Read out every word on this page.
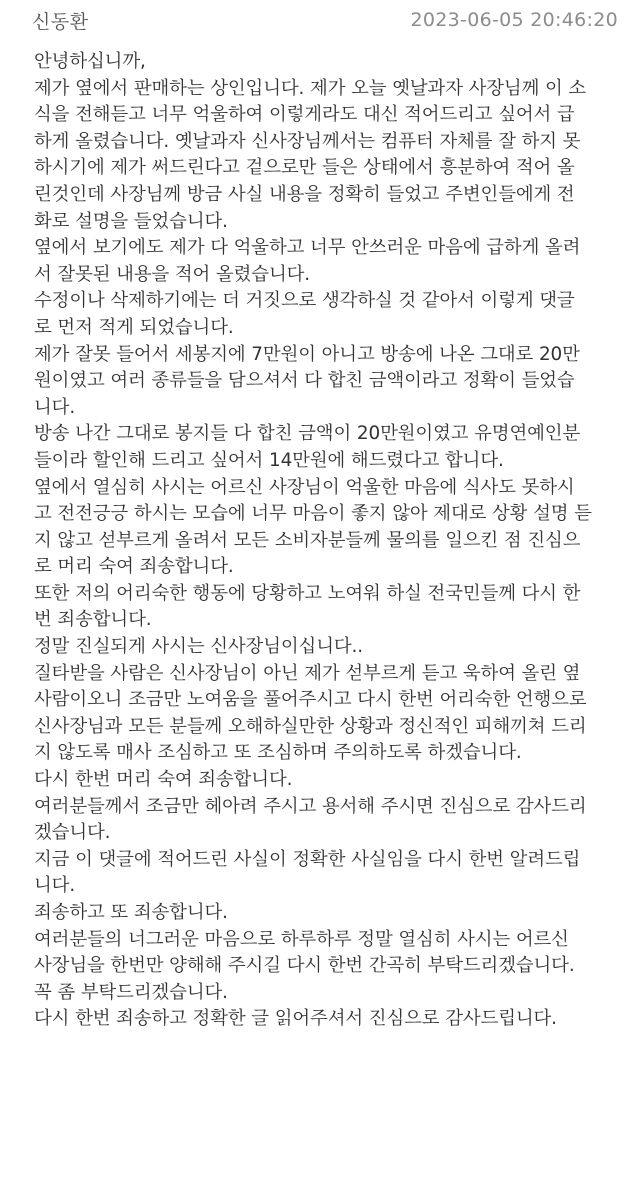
신동환	2023-06-05 20:46:20
안녕하십니까,
제가 옆에서 판매하는 상인입니다. 제가 오늘 옛날과자 사장님께 이 소
식을 전해듣고 너무 억울하여 이렇게라도 대신 적어드리고 싶어서 급
하게 올렸습니다. 옛날과자 신사장님께서는 컴퓨터 자체를 잘 하지 못
하시기에 제가 써드린다고 겉으로만 들은 상태에서 흥분하여 적어 올
린것인데 사장님께 방금 사실 내용을 정확히 들었고 주변인들에게 전
화로 설명을 들었습니다.
옆에서 보기에도 제가 다 억울하고 너무 안쓰러운 마음에 급하게 올려
서 잘못된 내용을 적어 올렸습니다.
수정이나 삭제하기에는 더 거짓으로 생각하실 것 같아서 이렇게 댓글
로 먼저 적게 되었습니다.
제가 잘못 들어서 세봉지에 7만원이 아니고 방송에 나온 그대로 20만
원이였고 여러 종류들을 담으셔서 다 합친 금액이라고 정확이 들었습
니다.
방송 나간 그대로 봉지들 다 합친 금액이 20만원이였고 유명연예인분
들이라 할인해 드리고 싶어서 14만원에 해드렸다고 합니다.
옆에서 열심히 사시는 어르신 사장님이 억울한 마음에 식사도 못하시
고 전전긍긍 하시는 모습에 너무 마음이 좋지 않아 제대로 상황 설명 듣
지 않고 섣부르게 올려서 모든 소비자분들께 물의를 일으킨 점 진심으
로 머리 숙여 죄송합니다.
또한 저의 어리숙한 행동에 당황하고 노여워 하실 전국민들께 다시 한
번 죄송합니다.
정말 진실되게 사시는 신사장님이십니다..
질타받을 사람은 신사장님이 아닌 제가 섣부르게 듣고 욱하여 올린 옆
사람이오니 조금만 노여움을 풀어주시고 다시 한번 어리숙한 언행으로
신사장님과 모든 분들께 오해하실만한 상황과 정신적인 피해끼쳐 드리
지 않도록 매사 조심하고 또 조심하며 주의하도록 하겠습니다.
다시 한번 머리 숙여 죄송합니다.
여러분들께서 조금만 헤아려 주시고 용서해 주시면 진심으로 감사드리
겠습니다.
지금 이 댓글에 적어드린 사실이 정확한 사실임을 다시 한번 알려드립
니다.
죄송하고 또 죄송합니다.
여러분들의 너그러운 마음으로 하루하루 정말 열심히 사시는 어르신
사장님을 한번만 양해해 주시길 다시 한번 간곡히 부탁드리겠습니다.
꼭 좀 부탁드리겠습니다.
다시 한번 죄송하고 정확한 글 읽어주셔서 진심으로 감사드립니다.
